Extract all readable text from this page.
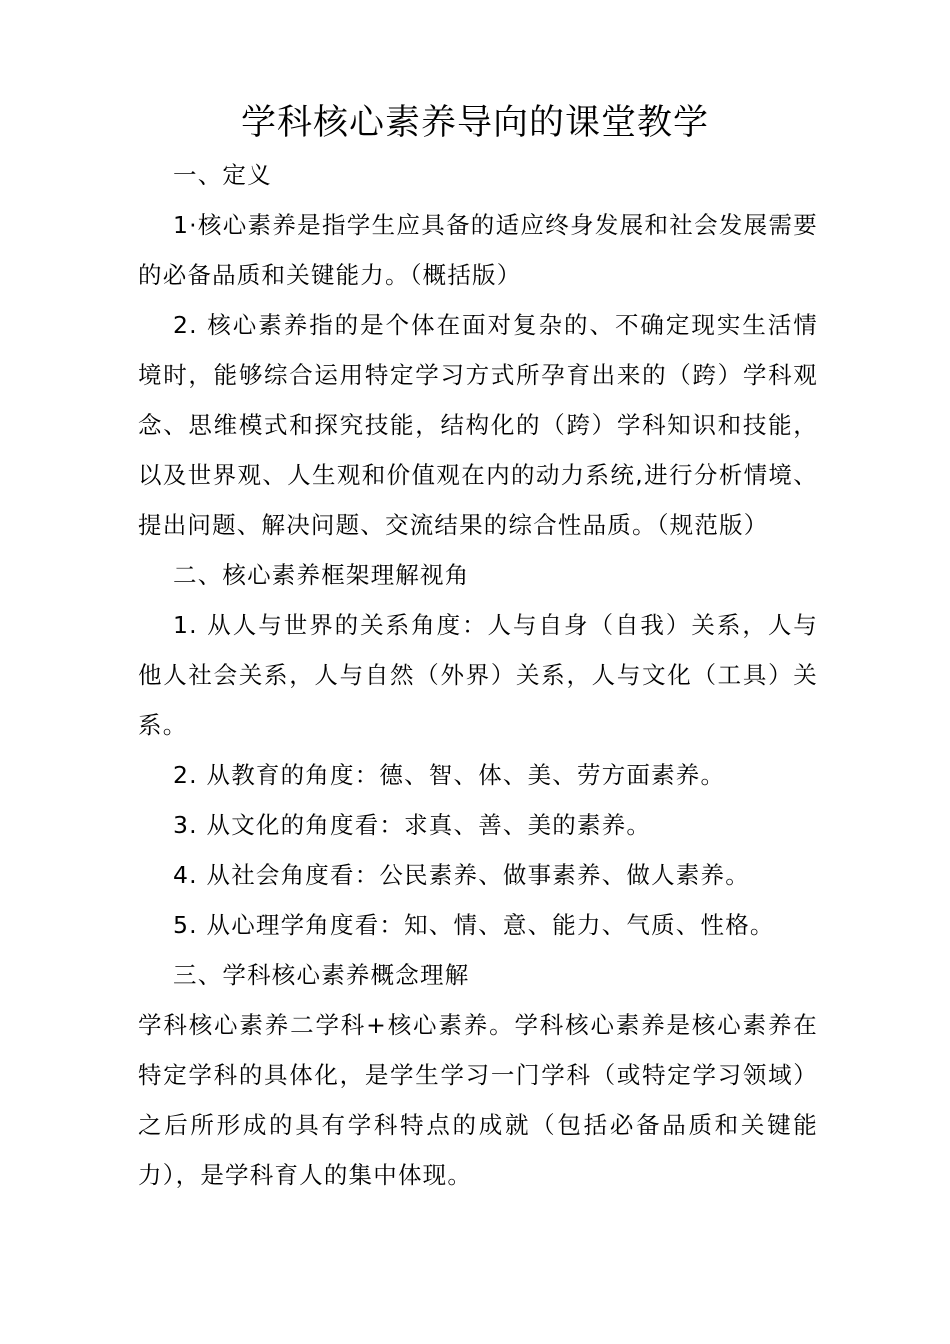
学科核心素养导向的课堂教学

一、定义

1·核心素养是指学生应具备的适应终身发展和社会发展需要的必备品质和关键能力。（概括版）

2. 核心素养指的是个体在面对复杂的、不确定现实生活情境时，能够综合运用特定学习方式所孕育出来的（跨）学科观念、思维模式和探究技能，结构化的（跨）学科知识和技能，以及世界观、人生观和价值观在内的动力系统,进行分析情境、提出问题、解决问题、交流结果的综合性品质。（规范版）

二、核心素养框架理解视角

1. 从人与世界的关系角度：人与自身（自我）关系，人与他人社会关系，人与自然（外界）关系，人与文化（工具）关系。

2. 从教育的角度：德、智、体、美、劳方面素养。

3. 从文化的角度看：求真、善、美的素养。

4. 从社会角度看：公民素养、做事素养、做人素养。

5. 从心理学角度看：知、情、意、能力、气质、性格。

三、学科核心素养概念理解

学科核心素养二学科+核心素养。学科核心素养是核心素养在特定学科的具体化，是学生学习一门学科（或特定学习领域）之后所形成的具有学科特点的成就（包括必备品质和关键能力），是学科育人的集中体现。
